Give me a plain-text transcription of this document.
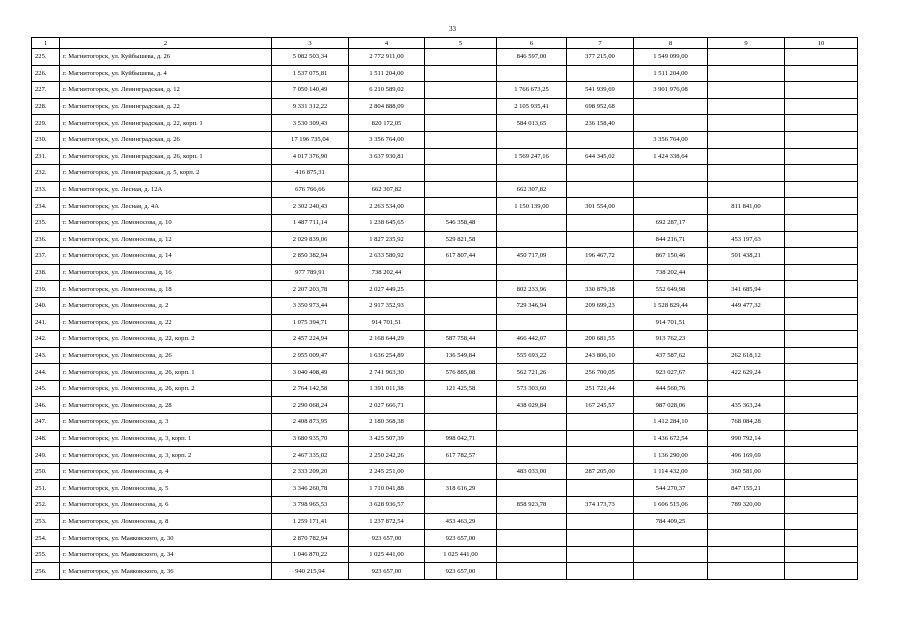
33
1	2	3	4	5	6	7	8	9	10
225.	г. Магнитогорск, ул. Куйбышева, д. 26	5 082 503,34	2 772 911,00		846 597,00	377 215,00	1 549 099,00		
226.	г. Магнитогорск, ул. Куйбышева, д. 4	1 537 075,81	1 511 204,00				1 511 204,00		
227.	г. Магнитогорск, ул. Ленинградская, д. 12	7 050 140,49	6 210 589,02		1 766 673,25	541 939,69	3 901 976,08		
228.	г. Магнитогорск, ул. Ленинградская, д. 22	9 331 312,22	2 804 888,09		2 105 935,41	698 952,68			
229.	г. Магнитогорск, ул. Ленинградская, д. 22, корп. 1	3 530 309,43	820 172,05		584 013,65	236 158,40			
230.	г. Магнитогорск, ул. Ленинградская, д. 26	17 196 735,04	3 356 764,00				3 356 764,00		
231.	г. Магнитогорск, ул. Ленинградская, д. 26, корп. 1	4 017 376,90	3 637 930,81		1 569 247,16	644 345,02	1 424 338,64		
232.	г. Магнитогорск, ул. Ленинградская, д. 5, корп. 2	416 875,31							
233.	г. Магнитогорск, ул. Лесная, д. 12А	676 766,66	662 307,82		662 307,82				
234.	г. Магнитогорск, ул. Лесная, д. 4А	2 302 240,43	2 263 534,00		1 150 139,00	301 554,00		811 841,00	
235.	г. Магнитогорск, ул. Ломоносова, д. 10	1 487 711,14	1 238 645,65	546 358,48			692 287,17		
236.	г. Магнитогорск, ул. Ломоносова, д. 12	2 029 839,06	1 827 235,92	529 821,58			844 216,71	453 197,63	
237.	г. Магнитогорск, ул. Ломоносова, д. 14	2 850 382,94	2 633 580,92	617 807,44	450 717,09	196 467,72	867 150,46	501 438,21	
238.	г. Магнитогорск, ул. Ломоносова, д. 16	977 789,91	738 202,44				738 202,44		
239.	г. Магнитогорск, ул. Ломоносова, д. 18	2 207 203,78	2 027 449,25		802 233,96	330 879,38	552 649,98	341 685,94	
240.	г. Магнитогорск, ул. Ломоносова, д. 2	3 350 973,44	2 917 352,93		729 346,94	209 699,23	1 528 829,44	449 477,32	
241.	г. Магнитогорск, ул. Ломоносова, д. 22	1 075 394,71	914 701,51				914 701,51		
242.	г. Магнитогорск, ул. Ломоносова, д. 22, корп. 2	2 457 224,94	2 168 644,29	587 758,44	466 442,07	200 681,55	913 762,23		
243.	г. Магнитогорск, ул. Ломоносова, д. 26	2 955 009,47	1 636 254,89	136 549,84	555 693,22	243 806,10	437 587,62	262 618,12	
244.	г. Магнитогорск, ул. Ломоносова, д. 26, корп. 1	3 040 408,49	2 741 963,30	576 885,08	562 721,26	256 700,05	923 027,67	422 629,24	
245.	г. Магнитогорск, ул. Ломоносова, д. 26, корп. 2	2 764 142,58	1 391 011,38	121 425,58	573 303,60	251 721,44	444 560,76		
246.	г. Магнитогорск, ул. Ломоносова, д. 28	2 290 068,24	2 027 666,71		438 029,84	167 245,57	987 028,06	435 363,24	
247.	г. Магнитогорск, ул. Ломоносова, д. 3	2 408 873,95	2 180 368,38				1 412 284,10	768 084,28	
248.	г. Магнитогорск, ул. Ломоносова, д. 3, корп. 1	3 680 935,70	3 425 507,39	998 042,71			1 436 672,54	990 792,14	
249.	г. Магнитогорск, ул. Ломоносова, д. 3, корп. 2	2 467 335,02	2 250 242,26	617 782,57			1 136 290,00	496 169,69	
250.	г. Магнитогорск, ул. Ломоносова, д. 4	2 333 209,20	2 245 251,00		483 033,00	287 205,00	1 114 432,00	360 581,00	
251.	г. Магнитогорск, ул. Ломоносова, д. 5	3 346 260,78	1 710 041,88	318 616,29			544 270,37	847 155,21	
252.	г. Магнитогорск, ул. Ломоносова, д. 6	3 798 965,53	3 628 936,57		858 923,78	374 173,73	1 606 515,06	789 320,00	
253.	г. Магнитогорск, ул. Ломоносова, д. 8	1 259 171,41	1 237 872,54	453 463,29			784 409,25		
254.	г. Магнитогорск, ул. Маяковского, д. 30	2 870 782,94	923 657,00	923 657,00					
255.	г. Магнитогорск, ул. Маяковского, д. 34	1 046 870,22	1 025 441,00	1 025 441,00					
256.	г. Магнитогорск, ул. Маяковского, д. 36	940 215,94	923 657,00	923 657,00					
